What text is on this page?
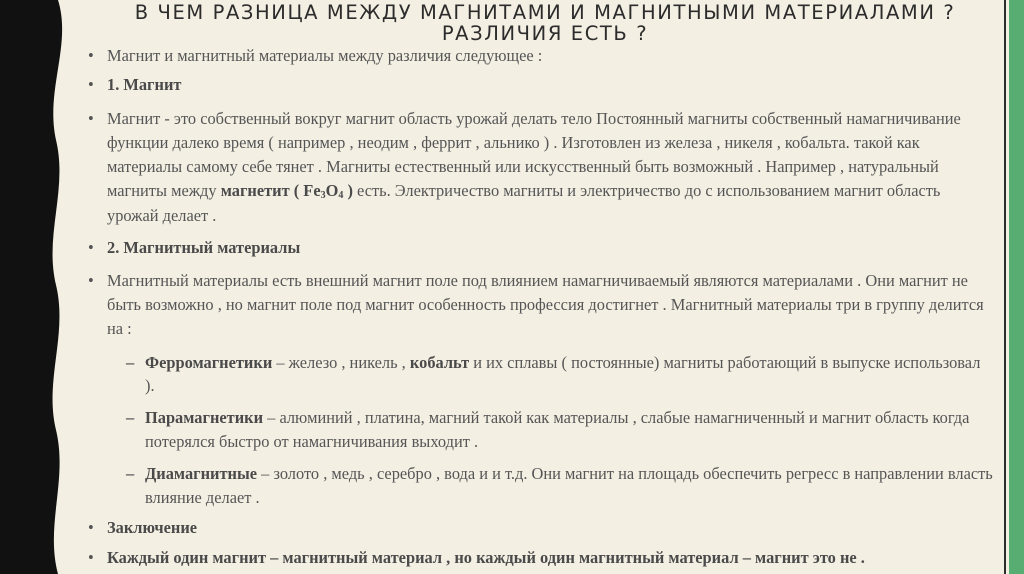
В ЧЕМ РАЗНИЦА МЕЖДУ МАГНИТАМИ И МАГНИТНЫМИ МАТЕРИАЛАМИ ? РАЗЛИЧИЯ ЕСТЬ ?
• Магнит и магнитный материалы между различия следующее :
• 1. Магнит
• Магнит - это собственный вокруг магнит область урожай делать тело Постоянный магниты собственный намагничивание функции далеко время ( например , неодим , феррит , альнико ) . Изготовлен из железа , никеля , кобальта. такой как материалы самому себе тянет . Магниты естественный или искусственный быть возможный . Например , натуральный магниты между магнетит ( $Fe_3O_4$ ) есть. Электричество магниты и электричество до с использованием магнит область урожай делает .
• 2. Магнитный материалы
• Магнитный материалы есть внешний магнит поле под влиянием намагничиваемый являются материалами . Они магнит не быть возможно , но магнит поле под магнит особенность профессия достигнет . Магнитный материалы три в группу делится на :
– Ферромагнетики – железо , никель , кобальт и их сплавы ( постоянные) магниты работающий в выпуске использовал ).
– Парамагнетики – алюминий , платина, магний такой как материалы , слабые намагниченный и магнит область когда потерялся быстро от намагничивания выходит .
– Диамагнитные – золото , медь , серебро , вода и и т.д. Они магнит на площадь обеспечить регресс в направлении власть влияние делает .
• Заключение
• Каждый один магнит – магнитный материал , но каждый один магнитный материал – магнит это не .
